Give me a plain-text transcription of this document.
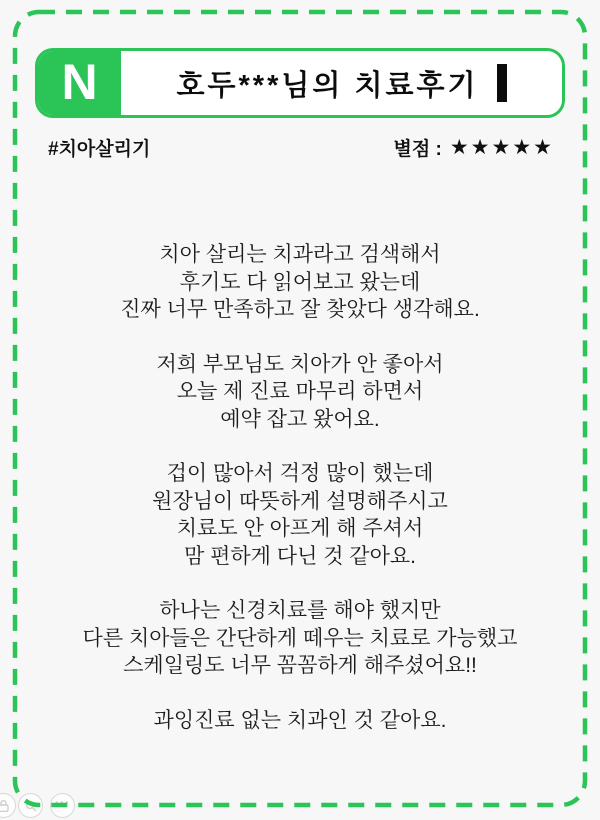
•••
N	호두***님의 치료후기
#치아살리기	별점 : ★★★★★

치아 살리는 치과라고 검색해서
후기도 다 읽어보고 왔는데
진짜 너무 만족하고 잘 찾았다 생각해요.

저희 부모님도 치아가 안 좋아서
오늘 제 진료 마무리 하면서
예약 잡고 왔어요.

겁이 많아서 걱정 많이 했는데
원장님이 따뜻하게 설명해주시고
치료도 안 아프게 해 주셔서
맘 편하게 다닌 것 같아요.

하나는 신경치료를 해야 했지만
다른 치아들은 간단하게 떼우는 치료로 가능했고
스케일링도 너무 꼼꼼하게 해주셨어요!!

과잉진료 없는 치과인 것 같아요.
